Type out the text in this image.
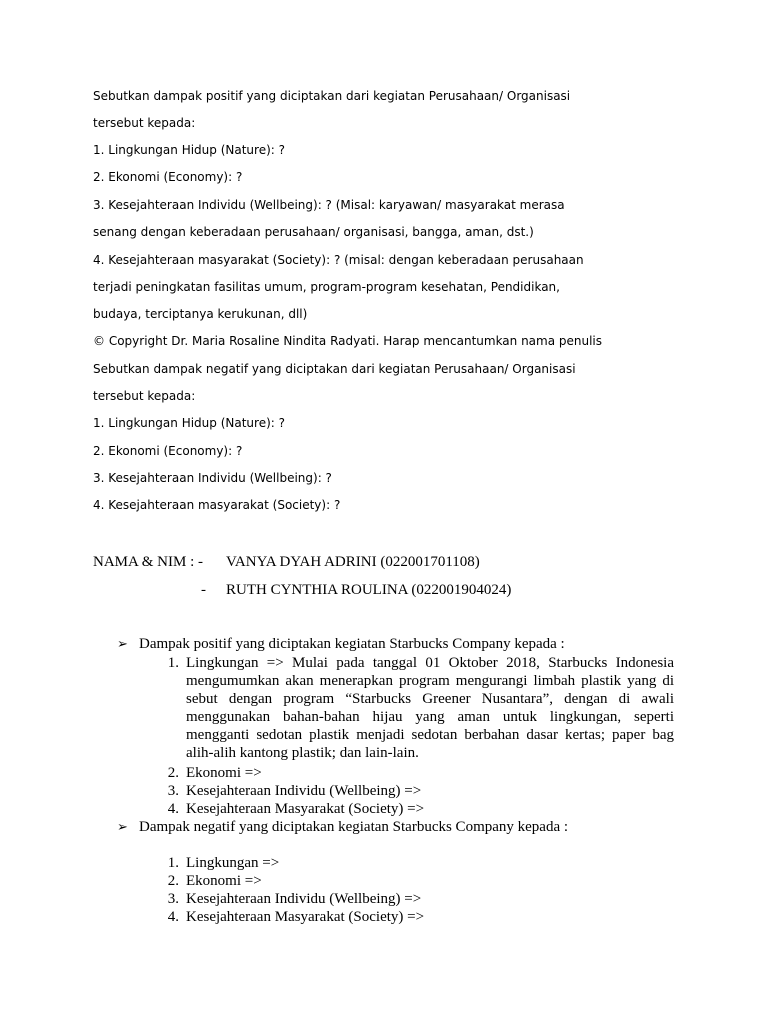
Sebutkan dampak positif yang diciptakan dari kegiatan Perusahaan/ Organisasi
tersebut kepada:
1. Lingkungan Hidup (Nature): ?
2. Ekonomi (Economy): ?
3. Kesejahteraan Individu (Wellbeing): ? (Misal: karyawan/ masyarakat merasa
senang dengan keberadaan perusahaan/ organisasi, bangga, aman, dst.)
4. Kesejahteraan masyarakat (Society): ? (misal: dengan keberadaan perusahaan
terjadi peningkatan fasilitas umum, program-program kesehatan, Pendidikan,
budaya, terciptanya kerukunan, dll)
© Copyright Dr. Maria Rosaline Nindita Radyati. Harap mencantumkan nama penulis
Sebutkan dampak negatif yang diciptakan dari kegiatan Perusahaan/ Organisasi
tersebut kepada:
1. Lingkungan Hidup (Nature): ?
2. Ekonomi (Economy): ?
3. Kesejahteraan Individu (Wellbeing): ?
4. Kesejahteraan masyarakat (Society): ?
NAMA & NIM : - VANYA DYAH ADRINI (022001701108)
- RUTH CYNTHIA ROULINA (022001904024)
➢ Dampak positif yang diciptakan kegiatan Starbucks Company kepada :
1. Lingkungan => Mulai pada tanggal 01 Oktober 2018, Starbucks Indonesia mengumumkan akan menerapkan program mengurangi limbah plastik yang di sebut dengan program “Starbucks Greener Nusantara”, dengan di awali menggunakan bahan-bahan hijau yang aman untuk lingkungan, seperti mengganti sedotan plastik menjadi sedotan berbahan dasar kertas; paper bag alih-alih kantong plastik; dan lain-lain.
2. Ekonomi =>
3. Kesejahteraan Individu (Wellbeing) =>
4. Kesejahteraan Masyarakat (Society) =>
➢ Dampak negatif yang diciptakan kegiatan Starbucks Company kepada :
1. Lingkungan =>
2. Ekonomi =>
3. Kesejahteraan Individu (Wellbeing) =>
4. Kesejahteraan Masyarakat (Society) =>
